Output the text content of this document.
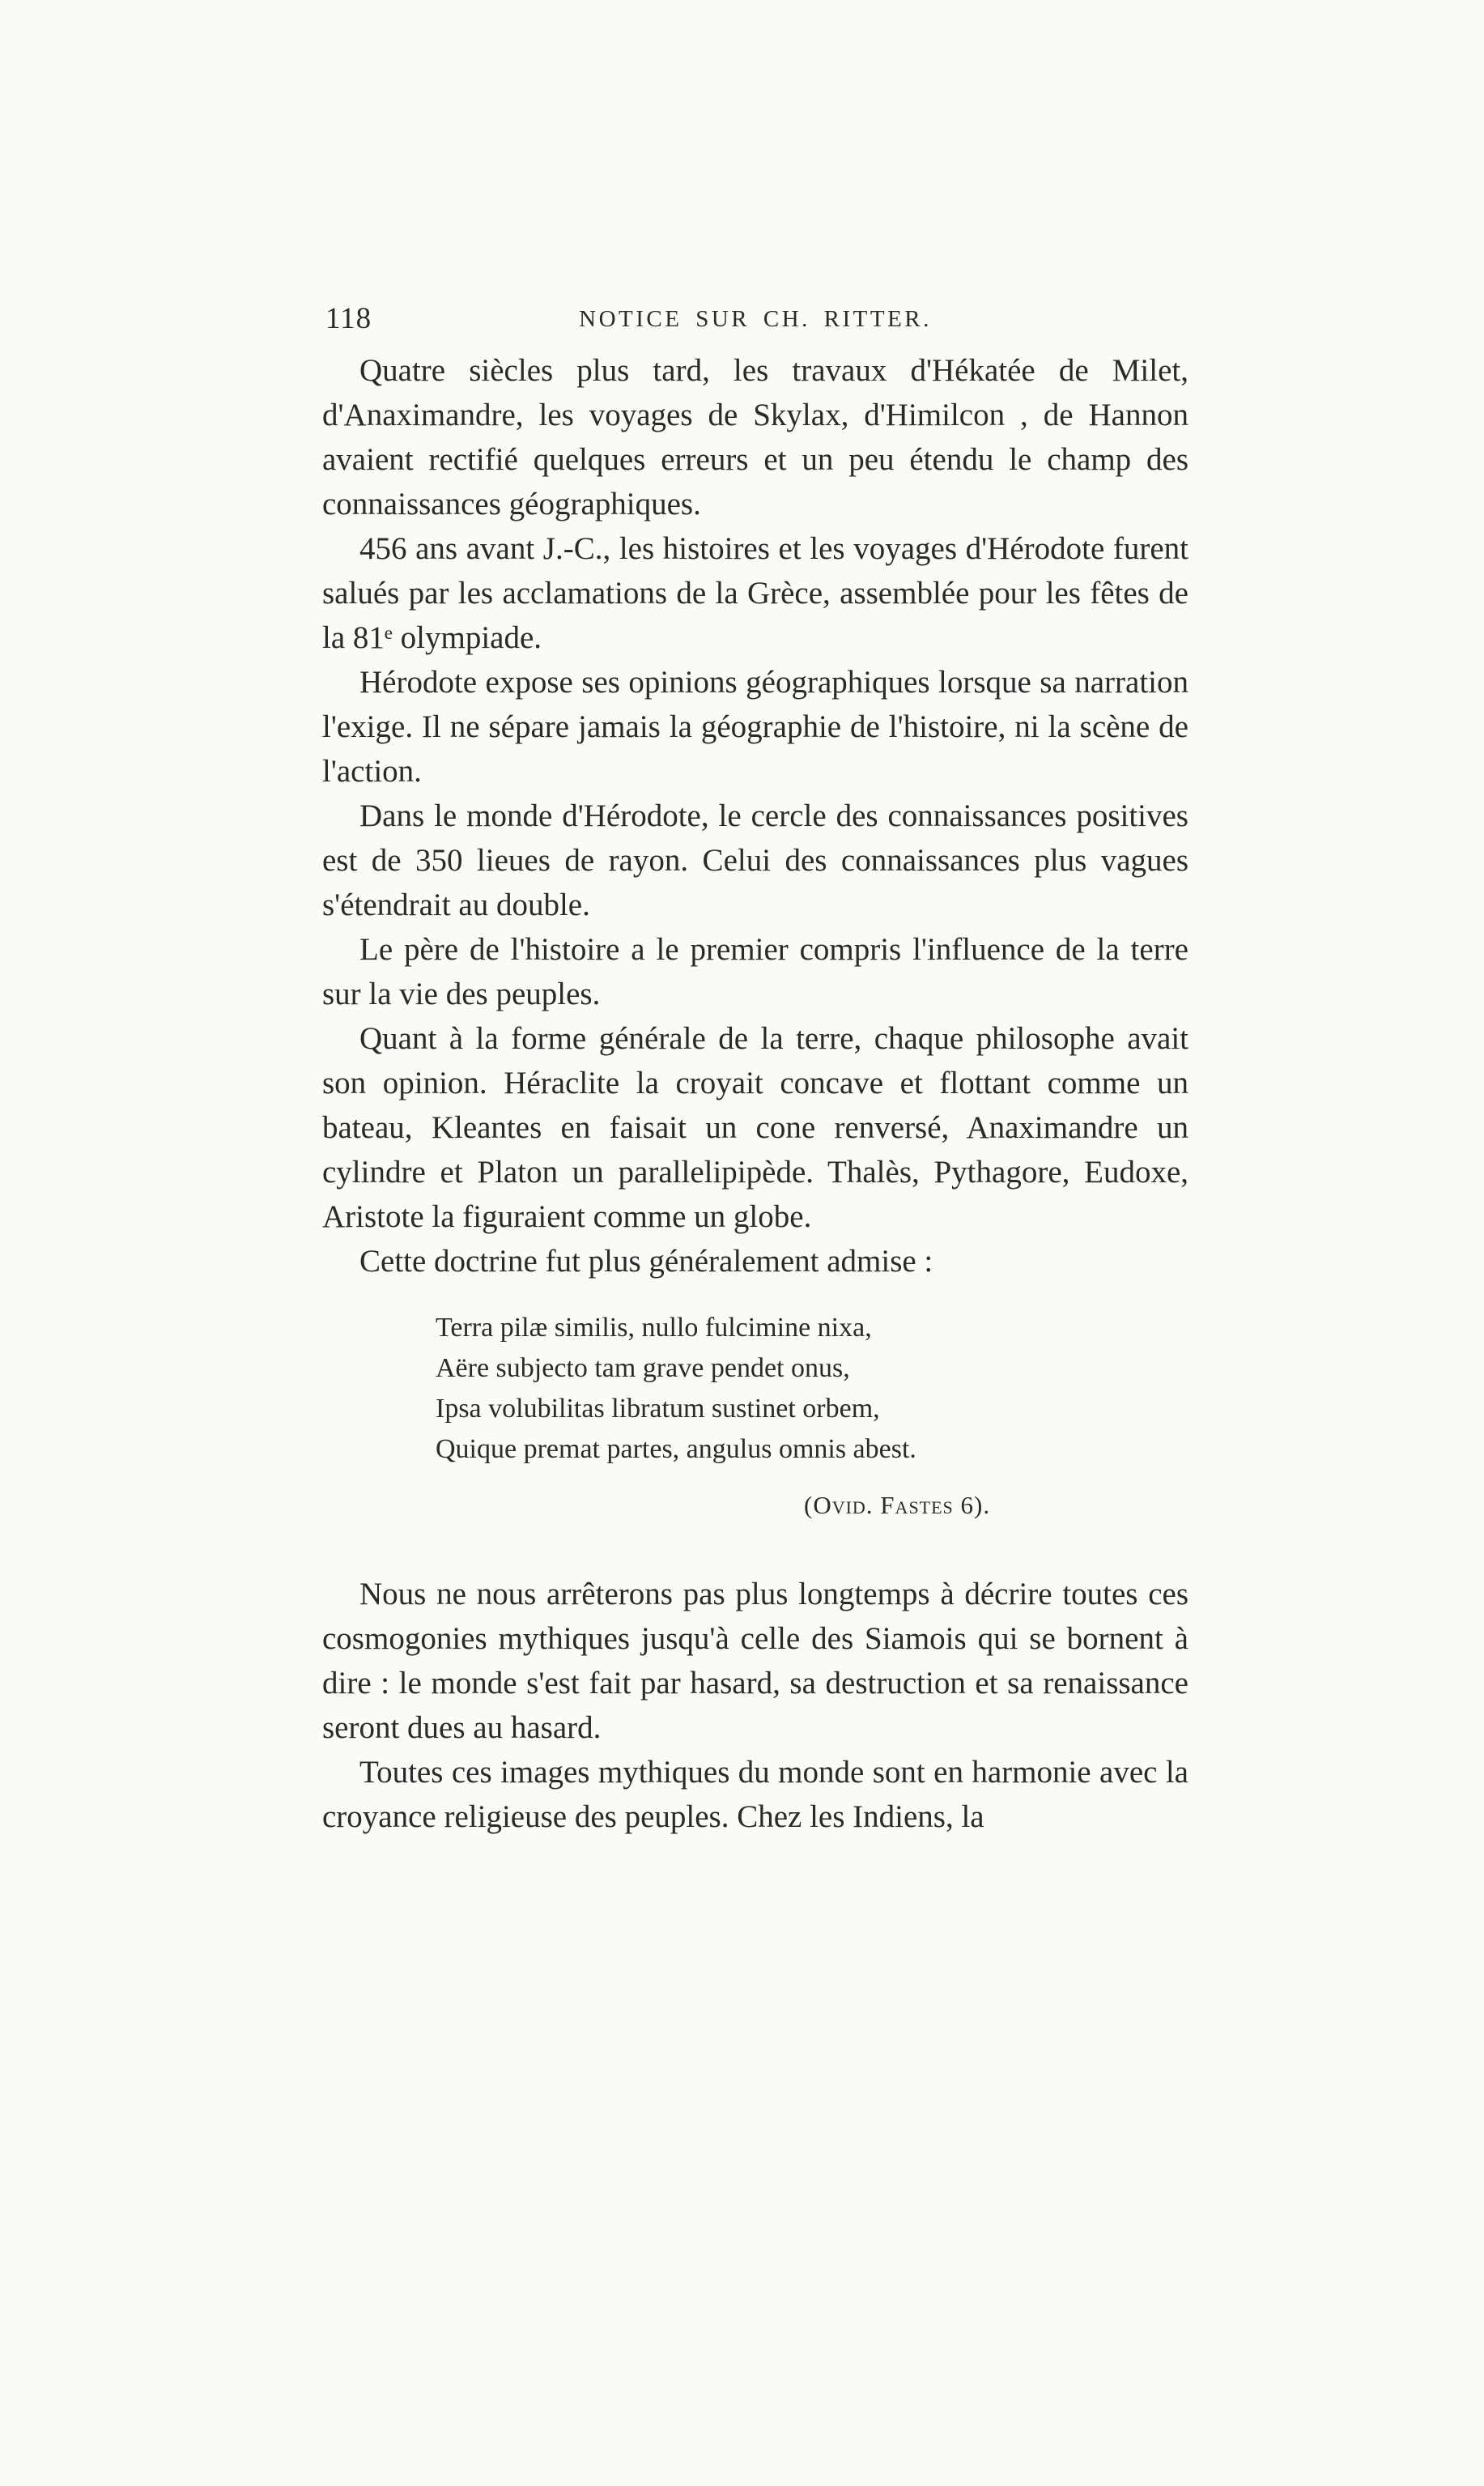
118	NOTICE SUR CH. RITTER.

Quatre siècles plus tard, les travaux d'Hékatée de Milet, d'Anaximandre, les voyages de Skylax, d'Himilcon , de Hannon avaient rectifié quelques erreurs et un peu étendu le champ des connaissances géographiques.

456 ans avant J.-C., les histoires et les voyages d'Hérodote furent salués par les acclamations de la Grèce, assemblée pour les fêtes de la 81ᵉ olympiade.

Hérodote expose ses opinions géographiques lorsque sa narration l'exige. Il ne sépare jamais la géographie de l'histoire, ni la scène de l'action.

Dans le monde d'Hérodote, le cercle des connaissances positives est de 350 lieues de rayon. Celui des connaissances plus vagues s'étendrait au double.

Le père de l'histoire a le premier compris l'influence de la terre sur la vie des peuples.

Quant à la forme générale de la terre, chaque philosophe avait son opinion. Héraclite la croyait concave et flottant comme un bateau, Kleantes en faisait un cone renversé, Anaximandre un cylindre et Platon un parallelipipède. Thalès, Pythagore, Eudoxe, Aristote la figuraient comme un globe.

Cette doctrine fut plus généralement admise :

Terra pilæ similis, nullo fulcimine nixa,
Aëre subjecto tam grave pendet onus,
Ipsa volubilitas libratum sustinet orbem,
Quique premat partes, angulus omnis abest.
(Ovid. Fastes 6).

Nous ne nous arrêterons pas plus longtemps à décrire toutes ces cosmogonies mythiques jusqu'à celle des Siamois qui se bornent à dire : le monde s'est fait par hasard, sa destruction et sa renaissance seront dues au hasard.

Toutes ces images mythiques du monde sont en harmonie avec la croyance religieuse des peuples. Chez les Indiens, la
